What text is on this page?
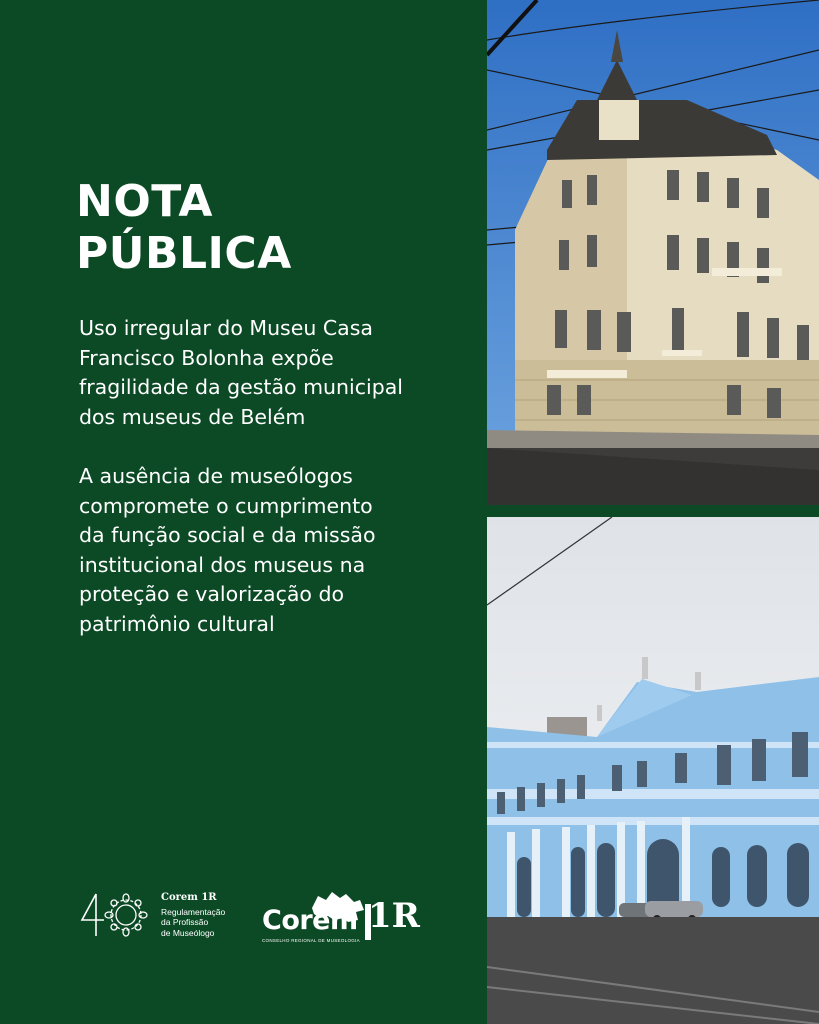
NOTA
PÚBLICA
Uso irregular do Museu Casa
Francisco Bolonha expõe
fragilidade da gestão municipal
dos museus de Belém
A ausência de museólogos
compromete o cumprimento
da função social e da missão
institucional dos museus na
proteção e valorização do
patrimônio cultural
Corem 1R
Regulamentação
da Profissão
de Museólogo	Corem 1R
CONSELHO REGIONAL DE MUSEOLOGIA
